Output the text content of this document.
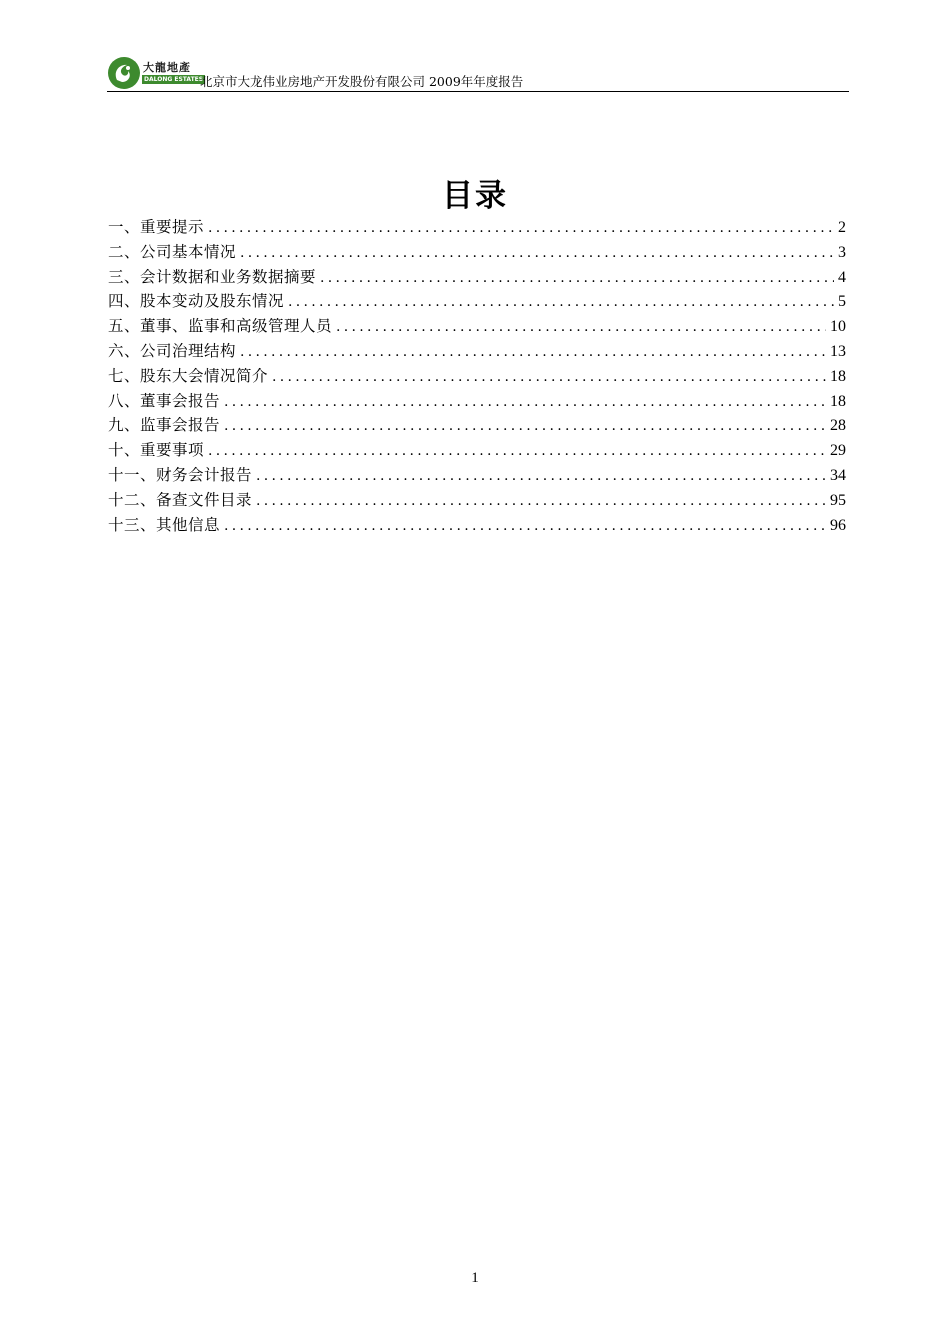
大龍地產
DALONG ESTATES
北京市大龙伟业房地产开发股份有限公司 2009年年度报告
目录
一、重要提示 .....	2
二、公司基本情况 .....	3
三、会计数据和业务数据摘要 .....	4
四、股本变动及股东情况 .....	5
五、董事、监事和高级管理人员 .....	10
六、公司治理结构 .....	13
七、股东大会情况简介 .....	18
八、董事会报告 .....	18
九、监事会报告 .....	28
十、重要事项 .....	29
十一、财务会计报告 .....	34
十二、备查文件目录 .....	95
十三、其他信息 .....	96
1
